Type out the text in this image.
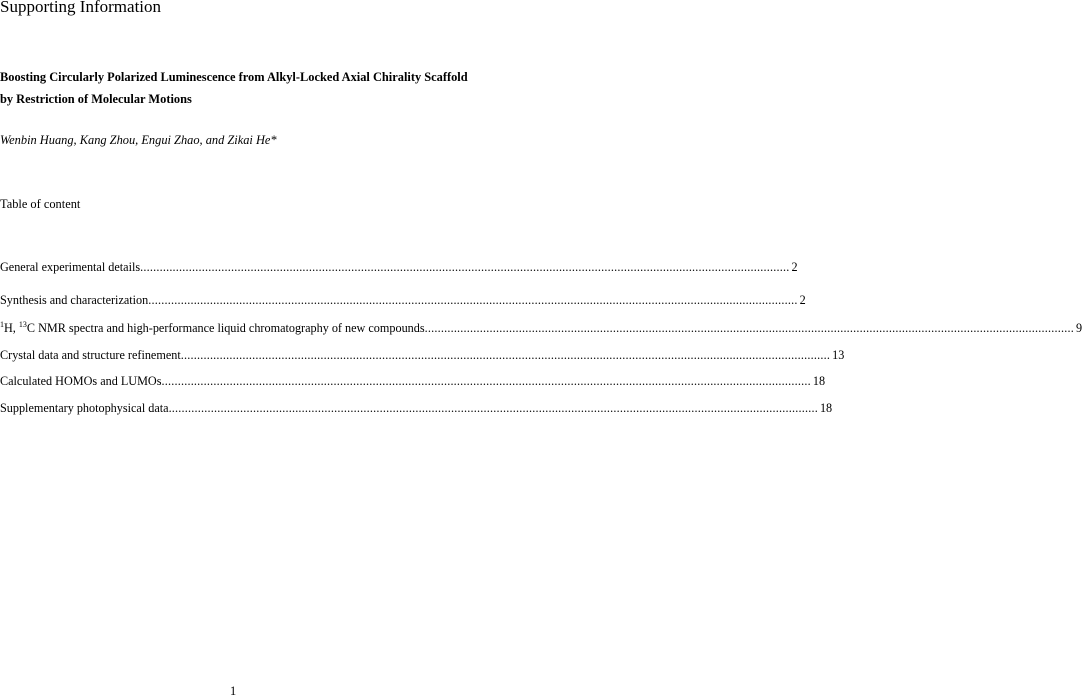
Supporting Information
Boosting Circularly Polarized Luminescence from Alkyl-Locked Axial Chirality Scaffold by Restriction of Molecular Motions
Wenbin Huang, Kang Zhou, Engui Zhao, and Zikai He*
Table of content
General experimental details ........................................................................................................................................................................................................ 2
Synthesis and characterization ........................................................................................................................................................................................................ 2
$^1$H, $^{13}$C NMR spectra and high-performance liquid chromatography of new compounds ........................................................................................................................................................................................................ 9
Crystal data and structure refinement ........................................................................................................................................................................................................ 13
Calculated HOMOs and LUMOs ........................................................................................................................................................................................................ 18
Supplementary photophysical data ........................................................................................................................................................................................................ 18
1
